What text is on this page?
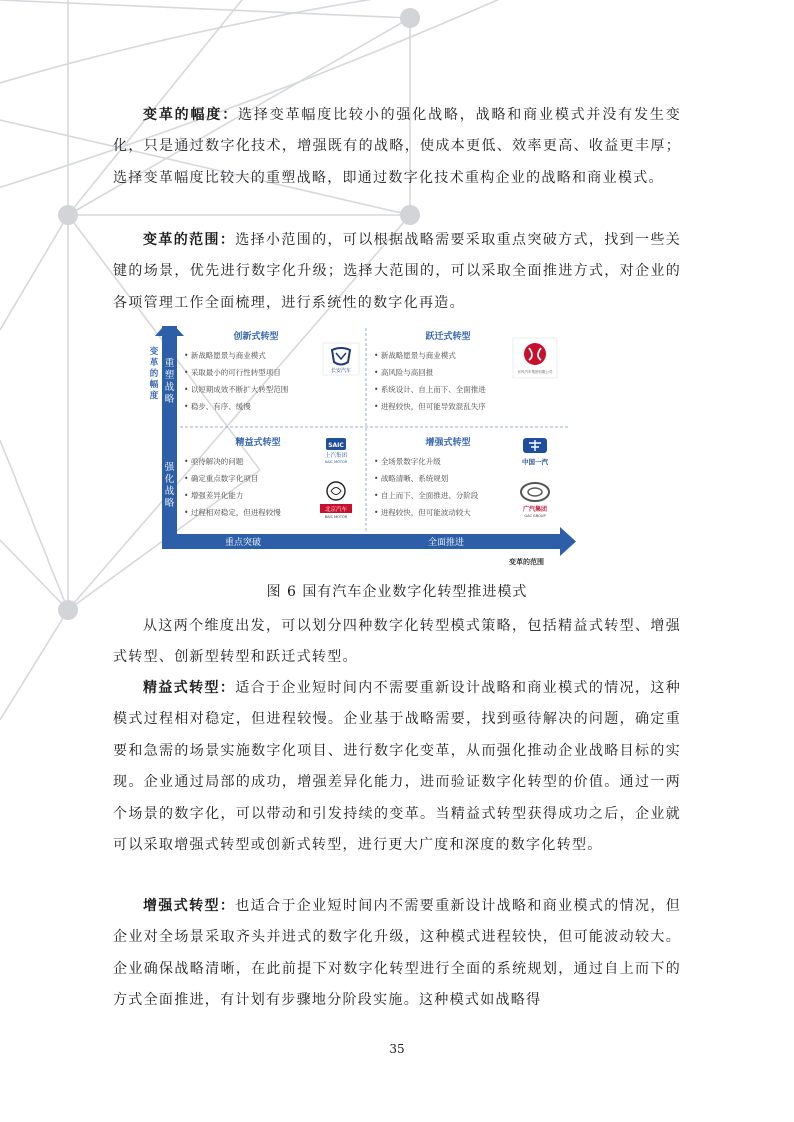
变革的幅度：选择变革幅度比较小的强化战略，战略和商业模式并没有发生变化，只是通过数字化技术，增强既有的战略，使成本更低、效率更高、收益更丰厚；选择变革幅度比较大的重塑战略，即通过数字化技术重构企业的战略和商业模式。

变革的范围：选择小范围的，可以根据战略需要采取重点突破方式，找到一些关键的场景，优先进行数字化升级；选择大范围的，可以采取全面推进方式，对企业的各项管理工作全面梳理，进行系统性的数字化再造。

变
革
的
幅
度
重
塑
战
略
强
化
战
略
重点突破	全面推进
变革的范围
创新式转型	跃迁式转型
精益式转型	增强式转型
• 新战略愿景与商业模式
• 采取最小的可行性转型项目
• 以短期成效不断扩大转型范围
• 稳步、有序、缓慢
• 新战略愿景与商业模式
• 高风险与高回报
• 系统设计、自上而下、全面推进
• 进程较快，但可能导致混乱失序
• 亟待解决的问题
• 确定重点数字化项目
• 增强差异化能力
• 过程相对稳定，但进程较慢
• 全场景数字化升级
• 战略清晰、系统规划
• 自上而下、全面推进、分阶段
• 进程较快，但可能波动较大
长安汽车	东风汽车集团有限公司
SAIC
上汽集团
SAIC MOTOR
北京汽车
BAIC MOTOR
中国一汽
广汽集团
GAC GROUP
图 6 国有汽车企业数字化转型推进模式

从这两个维度出发，可以划分四种数字化转型模式策略，包括精益式转型、增强式转型、创新型转型和跃迁式转型。

精益式转型：适合于企业短时间内不需要重新设计战略和商业模式的情况，这种模式过程相对稳定，但进程较慢。企业基于战略需要，找到亟待解决的问题，确定重要和急需的场景实施数字化项目、进行数字化变革，从而强化推动企业战略目标的实现。企业通过局部的成功，增强差异化能力，进而验证数字化转型的价值。通过一两个场景的数字化，可以带动和引发持续的变革。当精益式转型获得成功之后，企业就可以采取增强式转型或创新式转型，进行更大广度和深度的数字化转型。

增强式转型：也适合于企业短时间内不需要重新设计战略和商业模式的情况，但企业对全场景采取齐头并进式的数字化升级，这种模式进程较快，但可能波动较大。企业确保战略清晰，在此前提下对数字化转型进行全面的系统规划，通过自上而下的方式全面推进，有计划有步骤地分阶段实施。这种模式如战略得

35
